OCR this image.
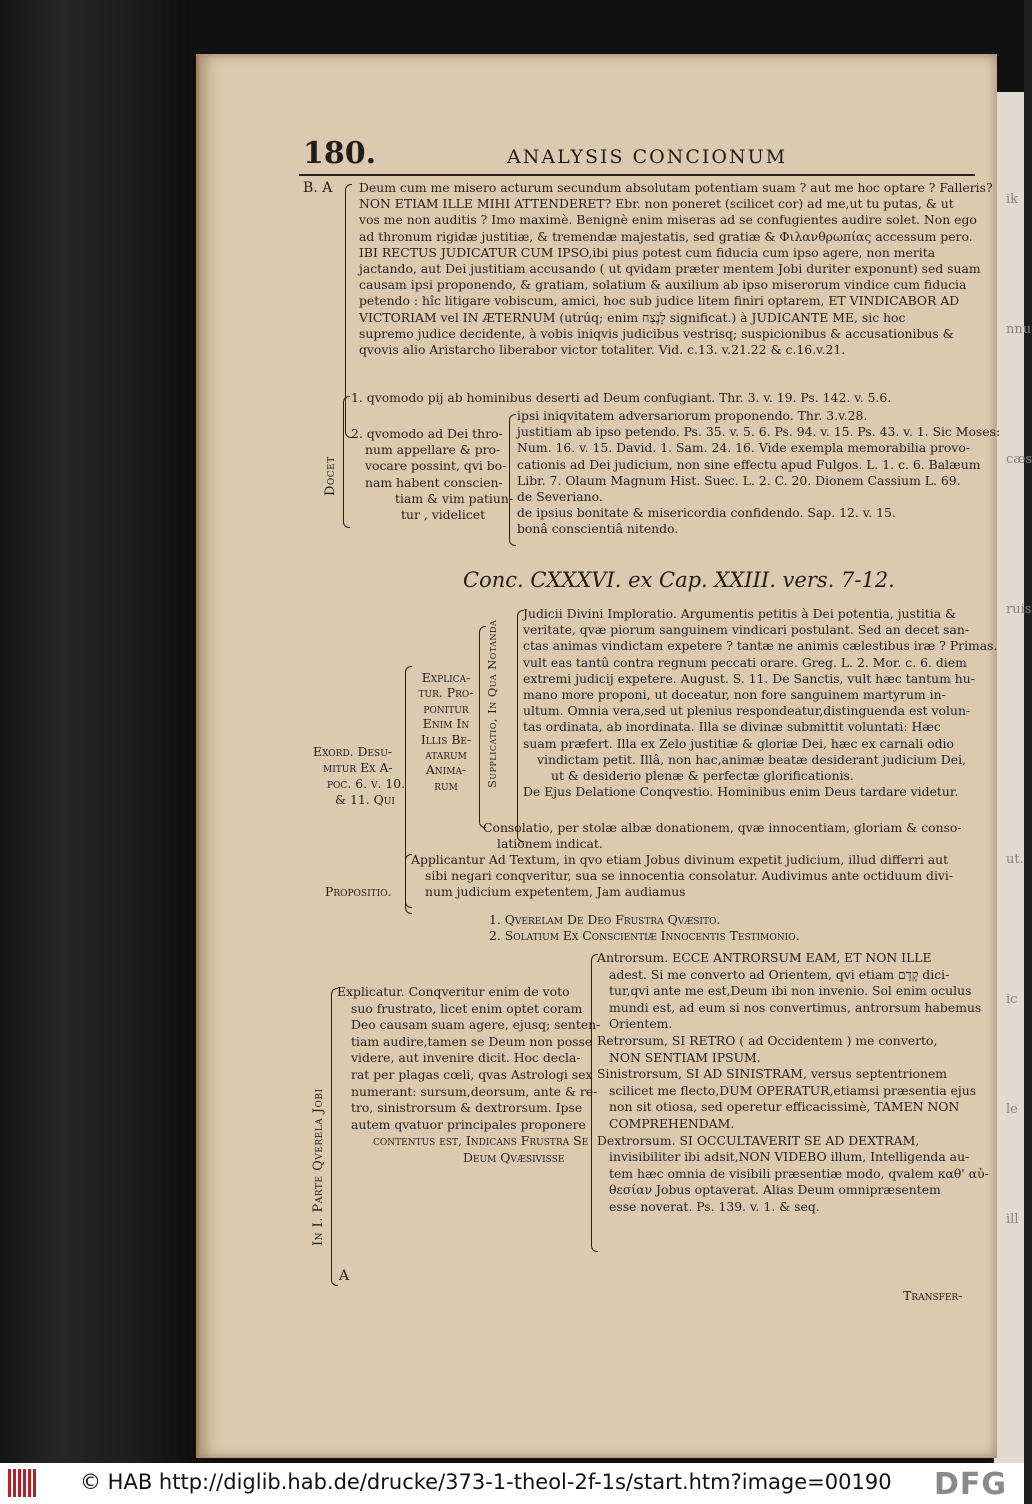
ik
nnu
cæs
ruis
ut.
ic
le
ill
180.	ANALYSIS CONCIONUM
B. A Deum cum me misero acturum secundum absolutam potentiam suam ? aut me hoc optare ? Falleris?
NON ETIAM ILLE MIHI ATTENDERET? Ebr. non poneret (scilicet cor) ad me,ut tu putas, & ut
vos me non auditis ? Imo maximè. Benignè enim miseras ad se confugientes audire solet. Non ego
ad thronum rigidæ justitiæ, & tremendæ majestatis, sed gratiæ & Φιλανθρωπίας accessum pero.
IBI RECTUS JUDICATUR CUM IPSO,ibi pius potest cum fiducia cum ipso agere, non merita
jactando, aut Dei justitiam accusando ( ut qvidam præter mentem Jobi duriter exponunt) sed suam
causam ipsi proponendo, & gratiam, solatium & auxilium ab ipso miserorum vindice cum fiducia
petendo : hîc litigare vobiscum, amici, hoc sub judice litem finiri optarem, ET VINDICABOR AD
VICTORIAM vel IN ÆTERNUM (utrúq; enim לָנֶצַח significat.) à JUDICANTE ME, sic hoc
supremo judice decidente, à vobis iniqvis judicibus vestrisq; suspicionibus & accusationibus &
qvovis alio Aristarcho liberabor victor totaliter. Vid. c.13. v.21.22 & c.16.v.21.
Docet
1. qvomodo pij ab hominibus deserti ad Deum confugiant. Thr. 3. v. 19. Ps. 142. v. 5.6.
2. qvomodo ad Dei thro-
num appellare & pro-
vocare possint, qvi bo-
nam habent conscien-
tiam & vim patiun-
tur , videlicet
ipsi iniqvitatem adversariorum proponendo. Thr. 3.v.28.
justitiam ab ipso petendo. Ps. 35. v. 5. 6. Ps. 94. v. 15. Ps. 43. v. 1. Sic Moses:
Num. 16. v. 15. David. 1. Sam. 24. 16. Vide exempla memorabilia provo-
cationis ad Dei judicium, non sine effectu apud Fulgos. L. 1. c. 6. Balæum
Libr. 7. Olaum Magnum Hist. Suec. L. 2. C. 20. Dionem Cassium L. 69.
de Severiano.
de ipsius bonitate & misericordia confidendo. Sap. 12. v. 15.
bonâ conscientiâ nitendo.
Conc. CXXXVI. ex Cap. XXIII. vers. 7-12.
Exord. Desu-
mitur Ex A-
poc. 6. v. 10.
& 11. Qui
Explica-
tur. Pro-
ponitur
Enim In
Illis Be-
atarum
Anima-
rum	Supplicatio, In Qua Notanda
Judicii Divini Imploratio. Argumentis petitis à Dei potentia, justitia &
veritate, qvæ piorum sanguinem vindicari postulant. Sed an decet san-
ctas animas vindictam expetere ? tantæ ne animis cælestibus iræ ? Primas.
vult eas tantû contra regnum peccati orare. Greg. L. 2. Mor. c. 6. diem
extremi judicij expetere. August. S. 11. De Sanctis, vult hæc tantum hu-
mano more proponi, ut doceatur, non fore sanguinem martyrum in-
ultum. Omnia vera,sed ut plenius respondeatur,distinguenda est volun-
tas ordinata, ab inordinata. Illa se divinæ submittit voluntati: Hæc
suam præfert. Illa ex Zelo justitiæ & gloriæ Dei, hæc ex carnali odio
vindictam petit. Illâ, non hac,animæ beatæ desiderant judicium Dei,
ut & desiderio plenæ & perfectæ glorificationis.
De Ejus Delatione Conqvestio. Hominibus enim Deus tardare videtur.
Consolatio, per stolæ albæ donationem, qvæ innocentiam, gloriam & conso-
lationem indicat.
Propositio.
Applicantur Ad Textum, in qvo etiam Jobus divinum expetit judicium, illud differri aut
sibi negari conqveritur, sua se innocentia consolatur. Audivimus ante octiduum divi-
num judicium expetentem, Jam audiamus
1. Qverelam De Deo Frustra Qvæsito.
2. Solatium Ex Conscientiæ Innocentis Testimonio.
In I. Parte Qverela Jobi
Explicatur. Conqveritur enim de voto
suo frustrato, licet enim optet coram
Deo causam suam agere, ejusq; senten-
tiam audire,tamen se Deum non posse
videre, aut invenire dicit. Hoc decla-
rat per plagas cœli, qvas Astrologi sex
numerant: sursum,deorsum, ante & re-
tro, sinistrorsum & dextrorsum. Ipse
autem qvatuor principales proponere
contentus est, Indicans Frustra Se
Deum Qvæsivisse
Antrorsum. ECCE ANTRORSUM EAM, ET NON ILLE
adest. Si me converto ad Orientem, qvi etiam קֶדֶם dici-
tur,qvi ante me est,Deum ibi non invenio. Sol enim oculus
mundi est, ad eum si nos convertimus, antrorsum habemus
Orientem.
Retrorsum, SI RETRO ( ad Occidentem ) me converto,
NON SENTIAM IPSUM.
Sinistrorsum, SI AD SINISTRAM, versus septentrionem
scilicet me flecto,DUM OPERATUR,etiamsi præsentia ejus
non sit otiosa, sed operetur efficacissimè, TAMEN NON
COMPREHENDAM.
Dextrorsum. SI OCCULTAVERIT SE AD DEXTRAM,
invisibiliter ibi adsit,NON VIDEBO illum, Intelligenda au-
tem hæc omnia de visibili præsentiæ modo, qvalem καθ' αὐ-
θεσίαν Jobus optaverat. Alias Deum omnipræsentem
esse noverat. Ps. 139. v. 1. & seq.
A
Transfer-
© HAB http://diglib.hab.de/drucke/373-1-theol-2f-1s/start.htm?image=00190 DFG
